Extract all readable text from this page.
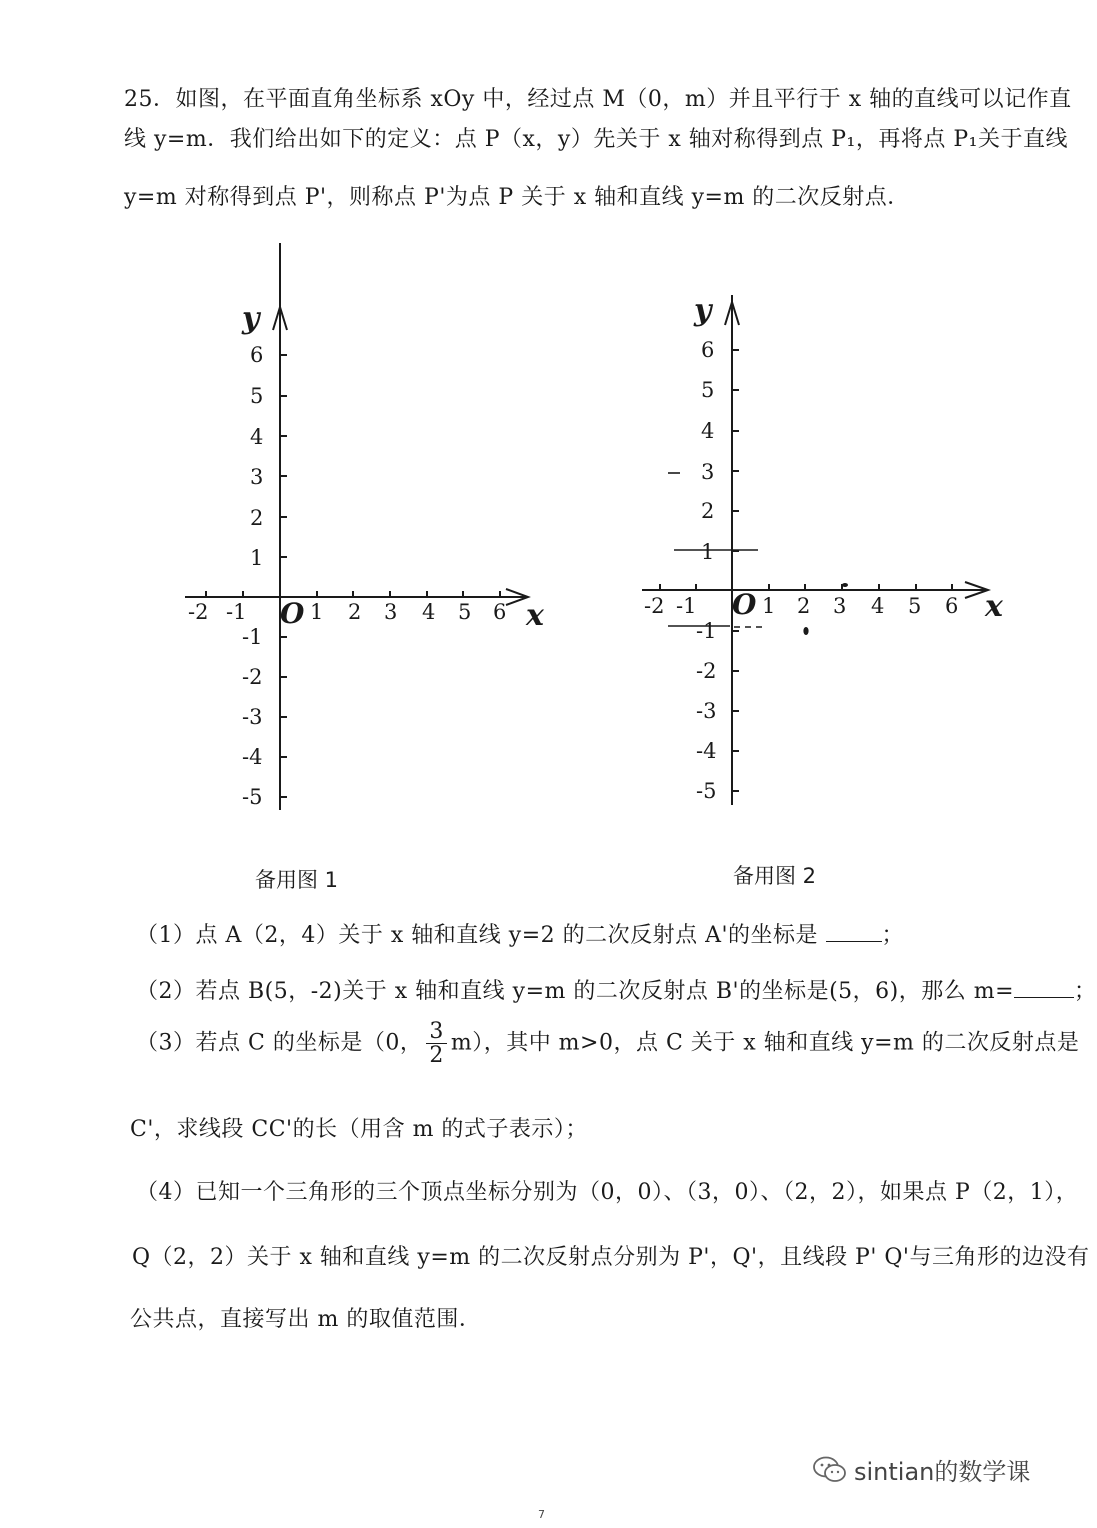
25．如图，在平面直角坐标系 xOy 中，经过点 M（0，m）并且平行于 x 轴的直线可以记作直
线 y=m．我们给出如下的定义：点 P（x，y）先关于 x 轴对称得到点 P₁，再将点 P₁关于直线
y=m 对称得到点 P'，则称点 P'为点 P 关于 x 轴和直线 y=m 的二次反射点．
-2 -1	1 2 3 4 5 6
6
5
4
3
2
1
-1
-2
-3
-4
-5
O	x
y
备用图 1
-2 -1	1 2 3 4 5 6
6
5
4
3
2
1
-1
-2
-3
-4
-5
O	x
y
备用图 2
（1）点 A（2，4）关于 x 轴和直线 y=2 的二次反射点 A'的坐标是	；
（2）若点 B(5，-2)关于 x 轴和直线 y=m 的二次反射点 B'的坐标是(5，6)，那么 m=	；
（3）若点 C 的坐标是（0， $\frac{3}{2} m$），其中 m>0，点 C 关于 x 轴和直线 y=m 的二次反射点是
C'，求线段 CC'的长（用含 m 的式子表示）；
（4）已知一个三角形的三个顶点坐标分别为（0，0）、（3，0）、（2，2），如果点 P（2，1），
Q（2，2）关于 x 轴和直线 y=m 的二次反射点分别为 P'，Q'，且线段 P' Q'与三角形的边没有
公共点，直接写出 m 的取值范围．
sintian的数学课
7
